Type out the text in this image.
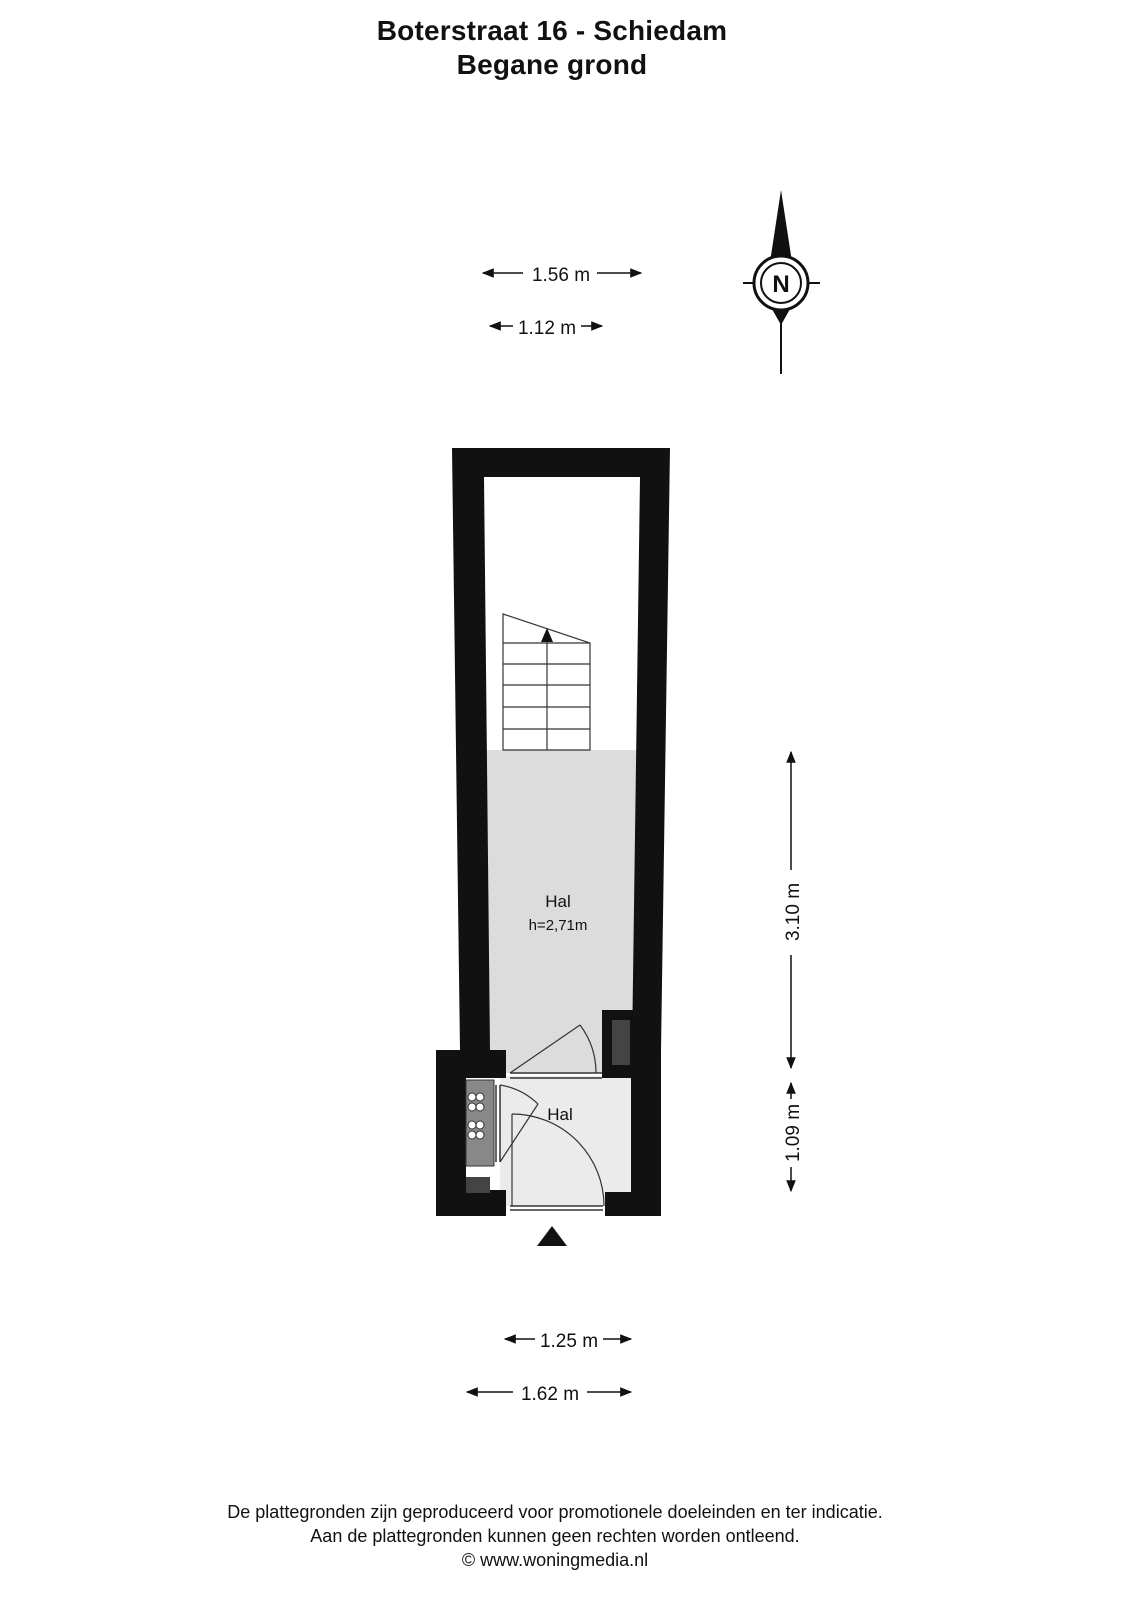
Boterstraat 16 - Schiedam
Begane grond
N
1.56 m
1.12 m
Hal
h=2,71m
Hal
3.10 m
1.09 m
1.25 m
1.62 m
De plattegronden zijn geproduceerd voor promotionele doeleinden en ter indicatie.
Aan de plattegronden kunnen geen rechten worden ontleend.
© www.woningmedia.nl
